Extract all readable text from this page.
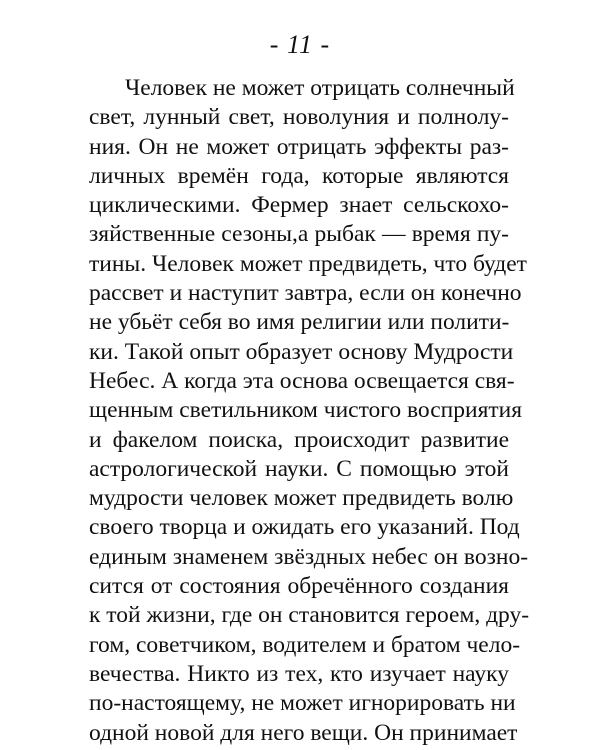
- 11 -
Человек не может отрицать солнечный
свет, лунный свет, новолуния и полнолу-
ния. Он не может отрицать эффекты раз-
личных времён года, которые являются
циклическими. Фермер знает сельскохо-
зяйственные сезоны,а рыбак — время пу-
тины. Человек может предвидеть, что будет
рассвет и наступит завтра, если он конечно
не убьёт себя во имя религии или полити-
ки. Такой опыт образует основу Мудрости
Небес. А когда эта основа освещается свя-
щенным светильником чистого восприятия
и факелом поиска, происходит развитие
астрологической науки. С помощью этой
мудрости человек может предвидеть волю
своего творца и ожидать его указаний. Под
единым знаменем звёздных небес он возно-
сится от состояния обречённого создания
к той жизни, где он становится героем, дру-
гом, советчиком, водителем и братом чело-
вечества. Никто из тех, кто изучает науку
по-настоящему, не может игнорировать ни
одной новой для него вещи. Он принимает
